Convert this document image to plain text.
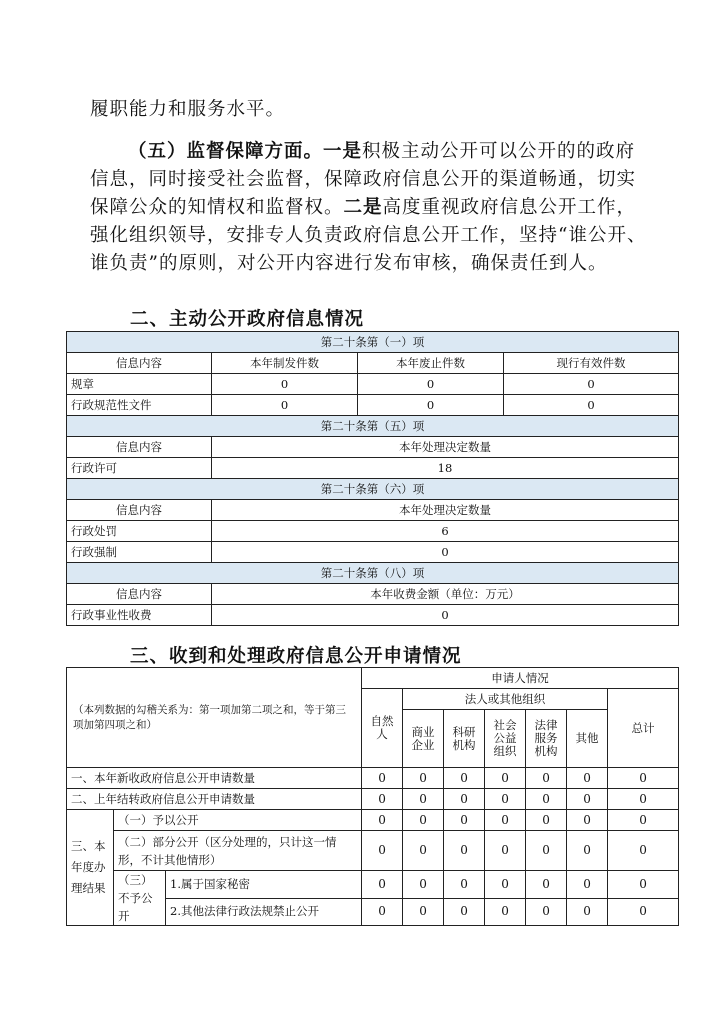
履职能力和服务水平。
（五）监督保障方面。一是积极主动公开可以公开的的政府信息，同时接受社会监督，保障政府信息公开的渠道畅通，切实保障公众的知情权和监督权。二是高度重视政府信息公开工作，强化组织领导，安排专人负责政府信息公开工作，坚持“谁公开、谁负责”的原则，对公开内容进行发布审核，确保责任到人。
二、主动公开政府信息情况
第二十条第（一）项			
信息内容	本年制发件数	本年废止件数	现行有效件数
规章	0	0	0
行政规范性文件	0	0	0
第二十条第（五）项			
信息内容	本年处理决定数量		
行政许可	18		
第二十条第（六）项			
信息内容	本年处理决定数量		
行政处罚	6		
行政强制	0		
第二十条第（八）项			
信息内容	本年收费金额（单位：万元）		
行政事业性收费	0		
三、收到和处理政府信息公开申请情况
（本列数据的勾稽关系为：第一项加第二项之和，等于第三项加第四项之和）			申请人情况						
			自然人	法人或其他组织					总计
				商业企业	科研机构	社会公益组织	法律服务机构	其他	
一、本年新收政府信息公开申请数量			0	0	0	0	0	0	0
二、上年结转政府信息公开申请数量			0	0	0	0	0	0	0
三、本年度办理结果	（一）予以公开		0	0	0	0	0	0	0
	（二）部分公开（区分处理的，只计这一情形，不计其他情形）		0	0	0	0	0	0	0
	（三）不予公开	1.属于国家秘密	0	0	0	0	0	0	0
		2.其他法律行政法规禁止公开	0	0	0	0	0	0	0
